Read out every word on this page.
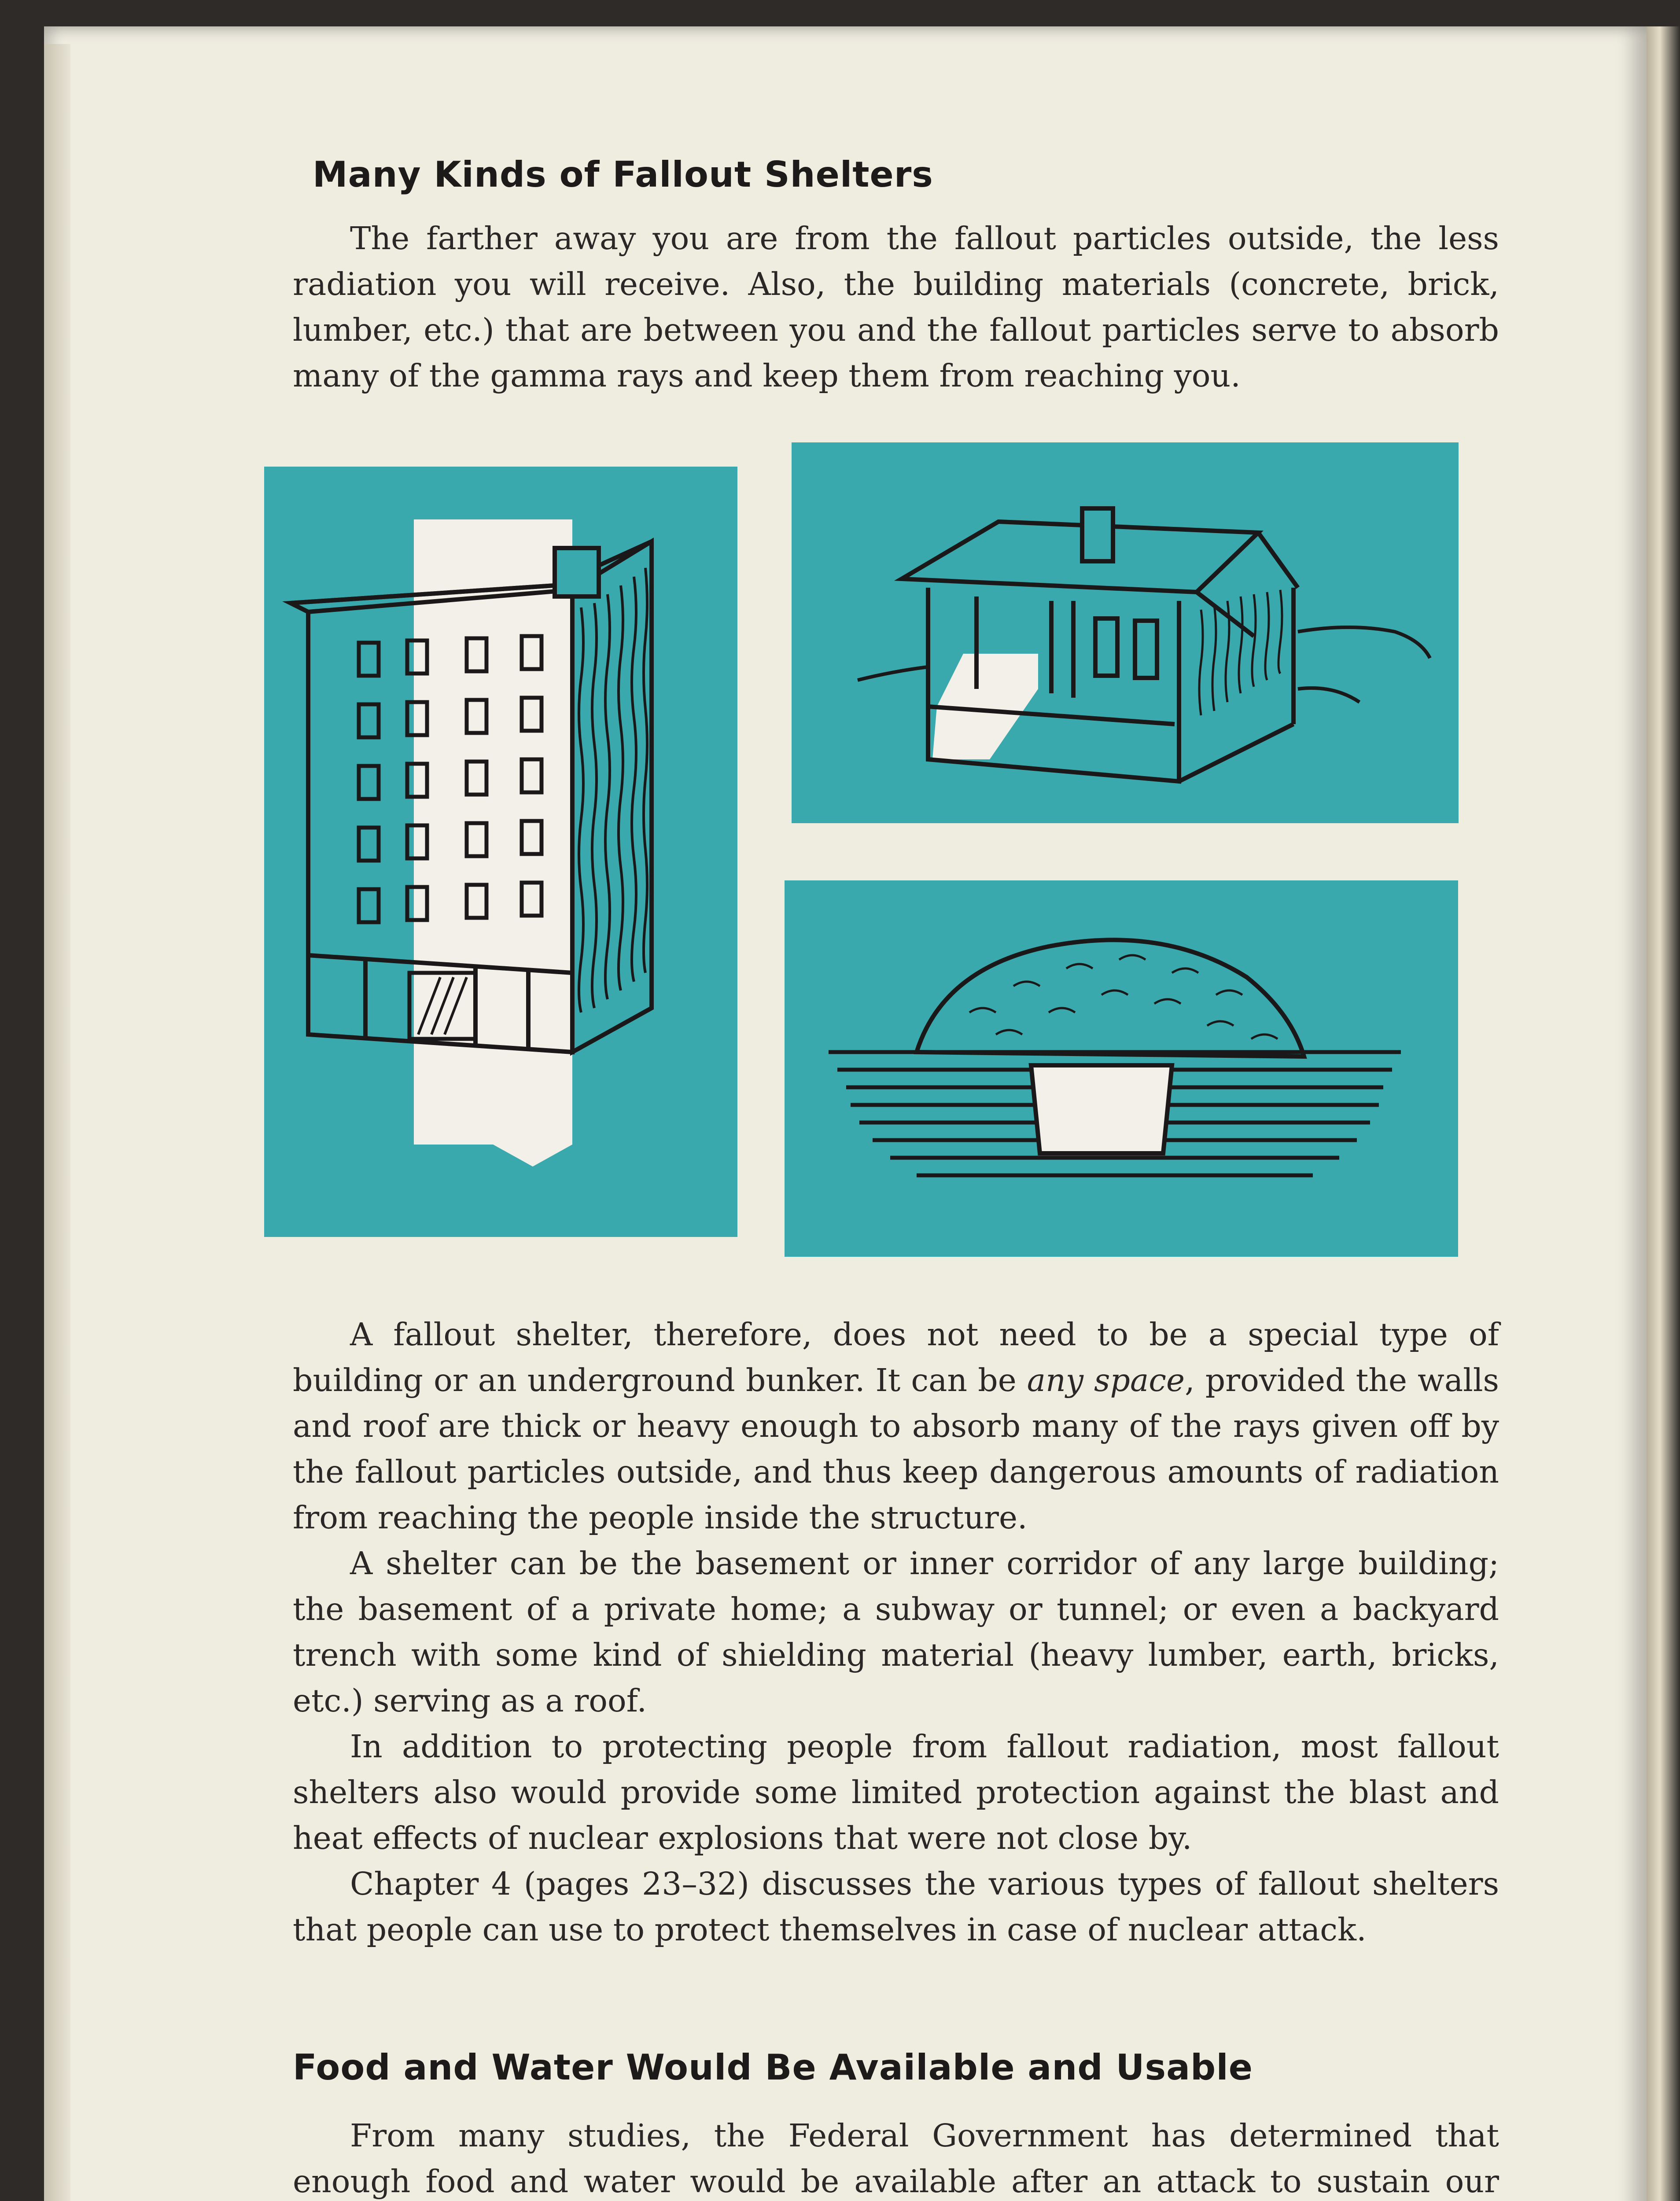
Many Kinds of Fallout Shelters

The farther away you are from the fallout particles outside, the less radiation you will receive. Also, the building materials (concrete, brick, lumber, etc.) that are between you and the fallout particles serve to absorb many of the gamma rays and keep them from reaching you.

A fallout shelter, therefore, does not need to be a special type of building or an underground bunker. It can be any space, provided the walls and roof are thick or heavy enough to absorb many of the rays given off by the fallout particles outside, and thus keep dangerous amounts of radiation from reaching the people inside the structure.

A shelter can be the basement or inner corridor of any large building; the basement of a private home; a subway or tunnel; or even a backyard trench with some kind of shielding material (heavy lumber, earth, bricks, etc.) serving as a roof.

In addition to protecting people from fallout radiation, most fallout shelters also would provide some limited protection against the blast and heat effects of nuclear explosions that were not close by.

Chapter 4 (pages 23–32) discusses the various types of fallout shelters that people can use to protect themselves in case of nuclear attack.

Food and Water Would Be Available and Usable

From many studies, the Federal Government has determined that enough food and water would be available after an attack to sustain our
